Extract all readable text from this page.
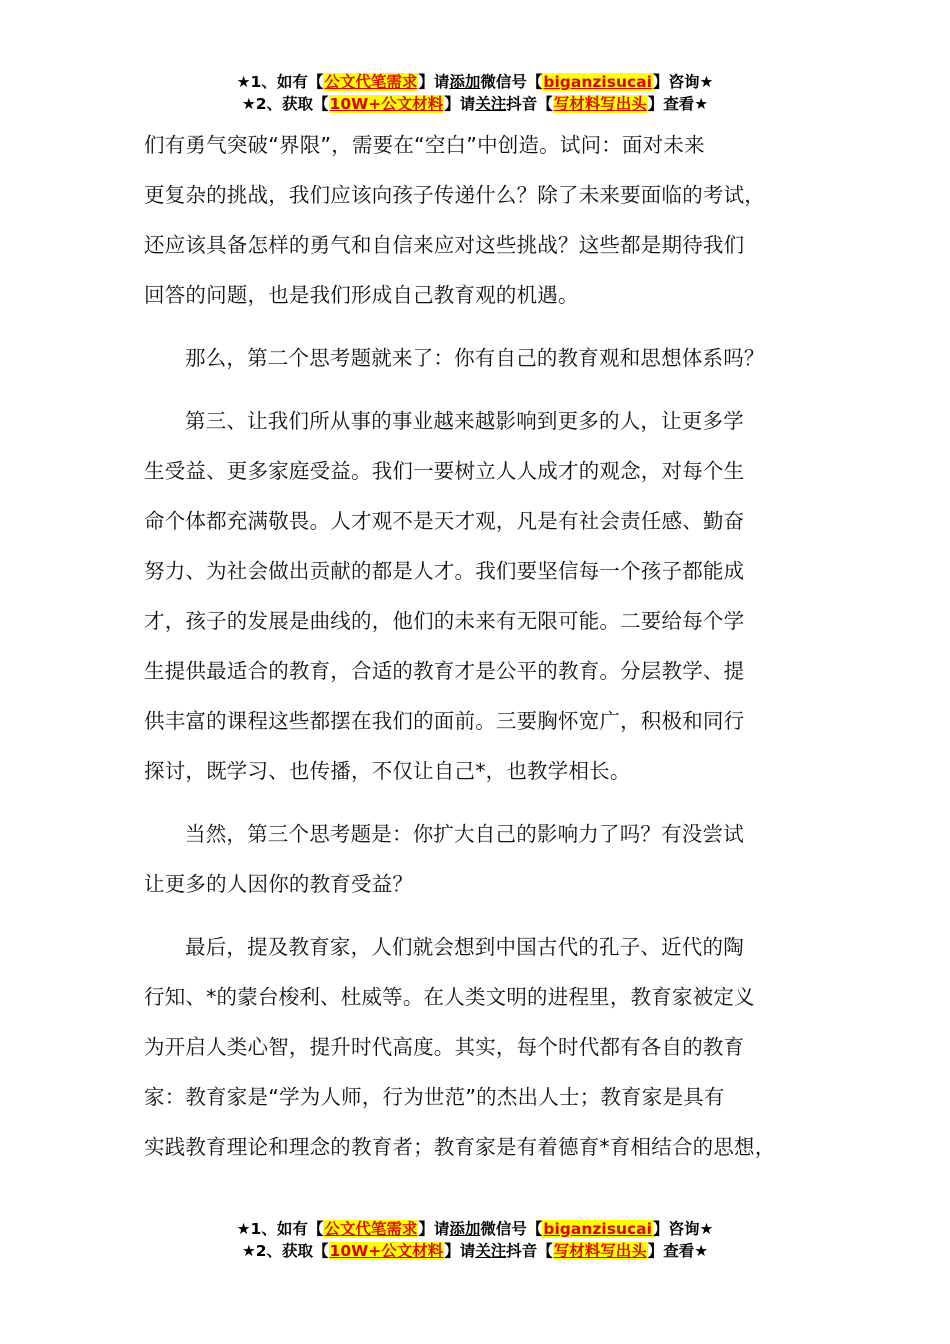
★1、如有【公文代笔需求】请添加微信号【biganzisucai】咨询★
★2、获取【10W+公文材料】请关注抖音【写材料写出头】查看★

们有勇气突破“界限”，需要在“空白”中创造。试问：面对未来
更复杂的挑战，我们应该向孩子传递什么？除了未来要面临的考试，
还应该具备怎样的勇气和自信来应对这些挑战？这些都是期待我们
回答的问题，也是我们形成自己教育观的机遇。

那么，第二个思考题就来了：你有自己的教育观和思想体系吗？

第三、让我们所从事的事业越来越影响到更多的人，让更多学
生受益、更多家庭受益。我们一要树立人人成才的观念，对每个生
命个体都充满敬畏。人才观不是天才观，凡是有社会责任感、勤奋
努力、为社会做出贡献的都是人才。我们要坚信每一个孩子都能成
才，孩子的发展是曲线的，他们的未来有无限可能。二要给每个学
生提供最适合的教育，合适的教育才是公平的教育。分层教学、提
供丰富的课程这些都摆在我们的面前。三要胸怀宽广，积极和同行
探讨，既学习、也传播，不仅让自己*，也教学相长。

当然，第三个思考题是：你扩大自己的影响力了吗？有没尝试
让更多的人因你的教育受益？

最后，提及教育家，人们就会想到中国古代的孔子、近代的陶
行知、*的蒙台梭利、杜威等。在人类文明的进程里，教育家被定义
为开启人类心智，提升时代高度。其实，每个时代都有各自的教育
家：教育家是“学为人师，行为世范”的杰出人士；教育家是具有
实践教育理论和理念的教育者；教育家是有着德育*育相结合的思想，

★1、如有【公文代笔需求】请添加微信号【biganzisucai】咨询★
★2、获取【10W+公文材料】请关注抖音【写材料写出头】查看★
